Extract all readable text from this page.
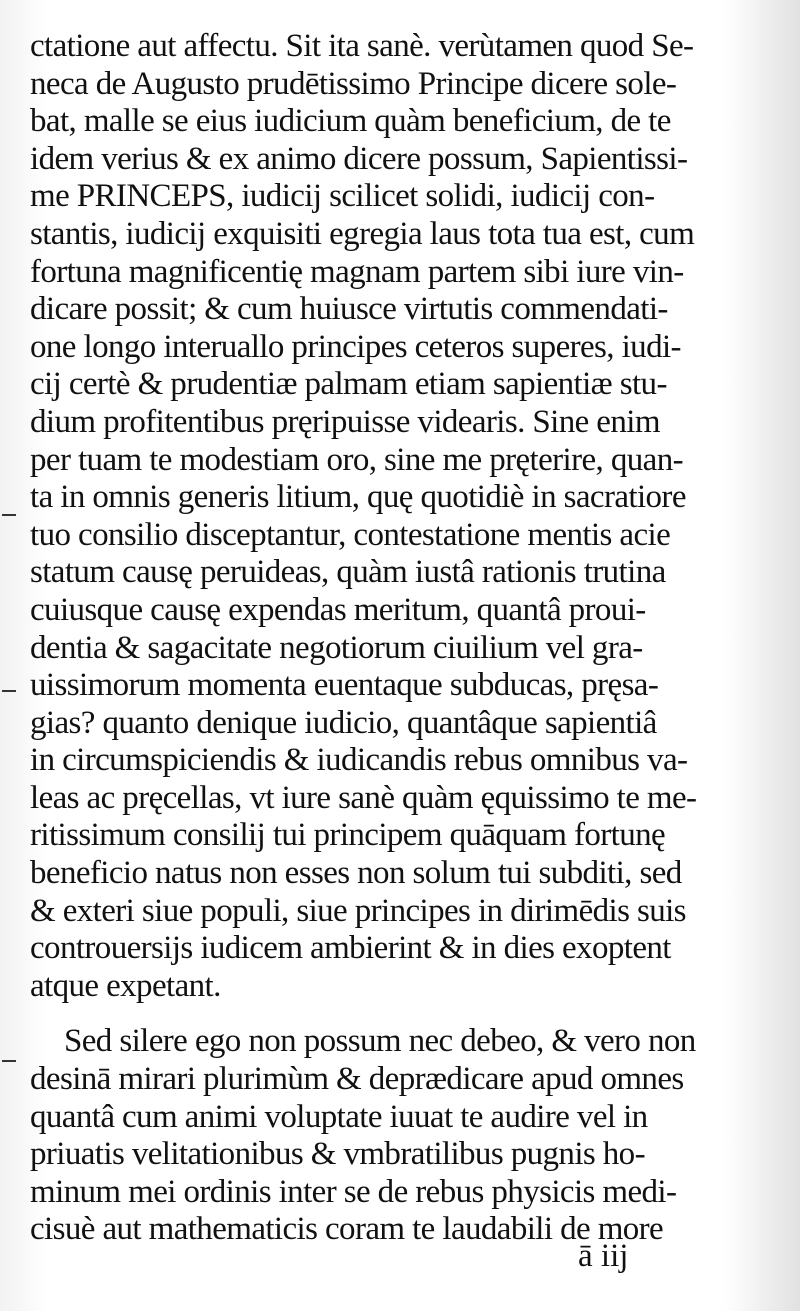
ctatione aut affectu. Sit ita sanè. verùtamen quod Se-
neca de Augusto prudētissimo Principe dicere sole-
bat, malle se eius iudicium quàm beneficium, de te
idem verius & ex animo dicere possum, Sapientissi-
me PRINCEPS, iudicij scilicet solidi, iudicij con-
stantis, iudicij exquisiti egregia laus tota tua est, cum
fortuna magnificentię magnam partem sibi iure vin-
dicare possit; & cum huiusce virtutis commendati-
one longo interuallo principes ceteros superes, iudi-
cij certè & prudentiæ palmam etiam sapientiæ stu-
dium profitentibus pręripuisse videaris. Sine enim
per tuam te modestiam oro, sine me pręterire, quan-
ta in omnis generis litium, quę quotidiè in sacratiore
tuo consilio disceptantur, contestatione mentis acie
statum causę peruideas, quàm iustâ rationis trutina
cuiusque causę expendas meritum, quantâ proui-
dentia & sagacitate negotiorum ciuilium vel gra-
uissimorum momenta euentaque subducas, pręsa-
gias? quanto denique iudicio, quantâque sapientiâ
in circumspiciendis & iudicandis rebus omnibus va-
leas ac pręcellas, vt iure sanè quàm ęquissimo te me-
ritissimum consilij tui principem quāquam fortunę
beneficio natus non esses non solum tui subditi, sed
& exteri siue populi, siue principes in dirimēdis suis
controuersijs iudicem ambierint & in dies exoptent
atque expetant.
Sed silere ego non possum nec debeo, & vero non
desinā mirari plurimùm & deprædicare apud omnes
quantâ cum animi voluptate iuuat te audire vel in
priuatis velitationibus & vmbratilibus pugnis ho-
minum mei ordinis inter se de rebus physicis medi-
cisuè aut mathematicis coram te laudabili de more
ā iij
